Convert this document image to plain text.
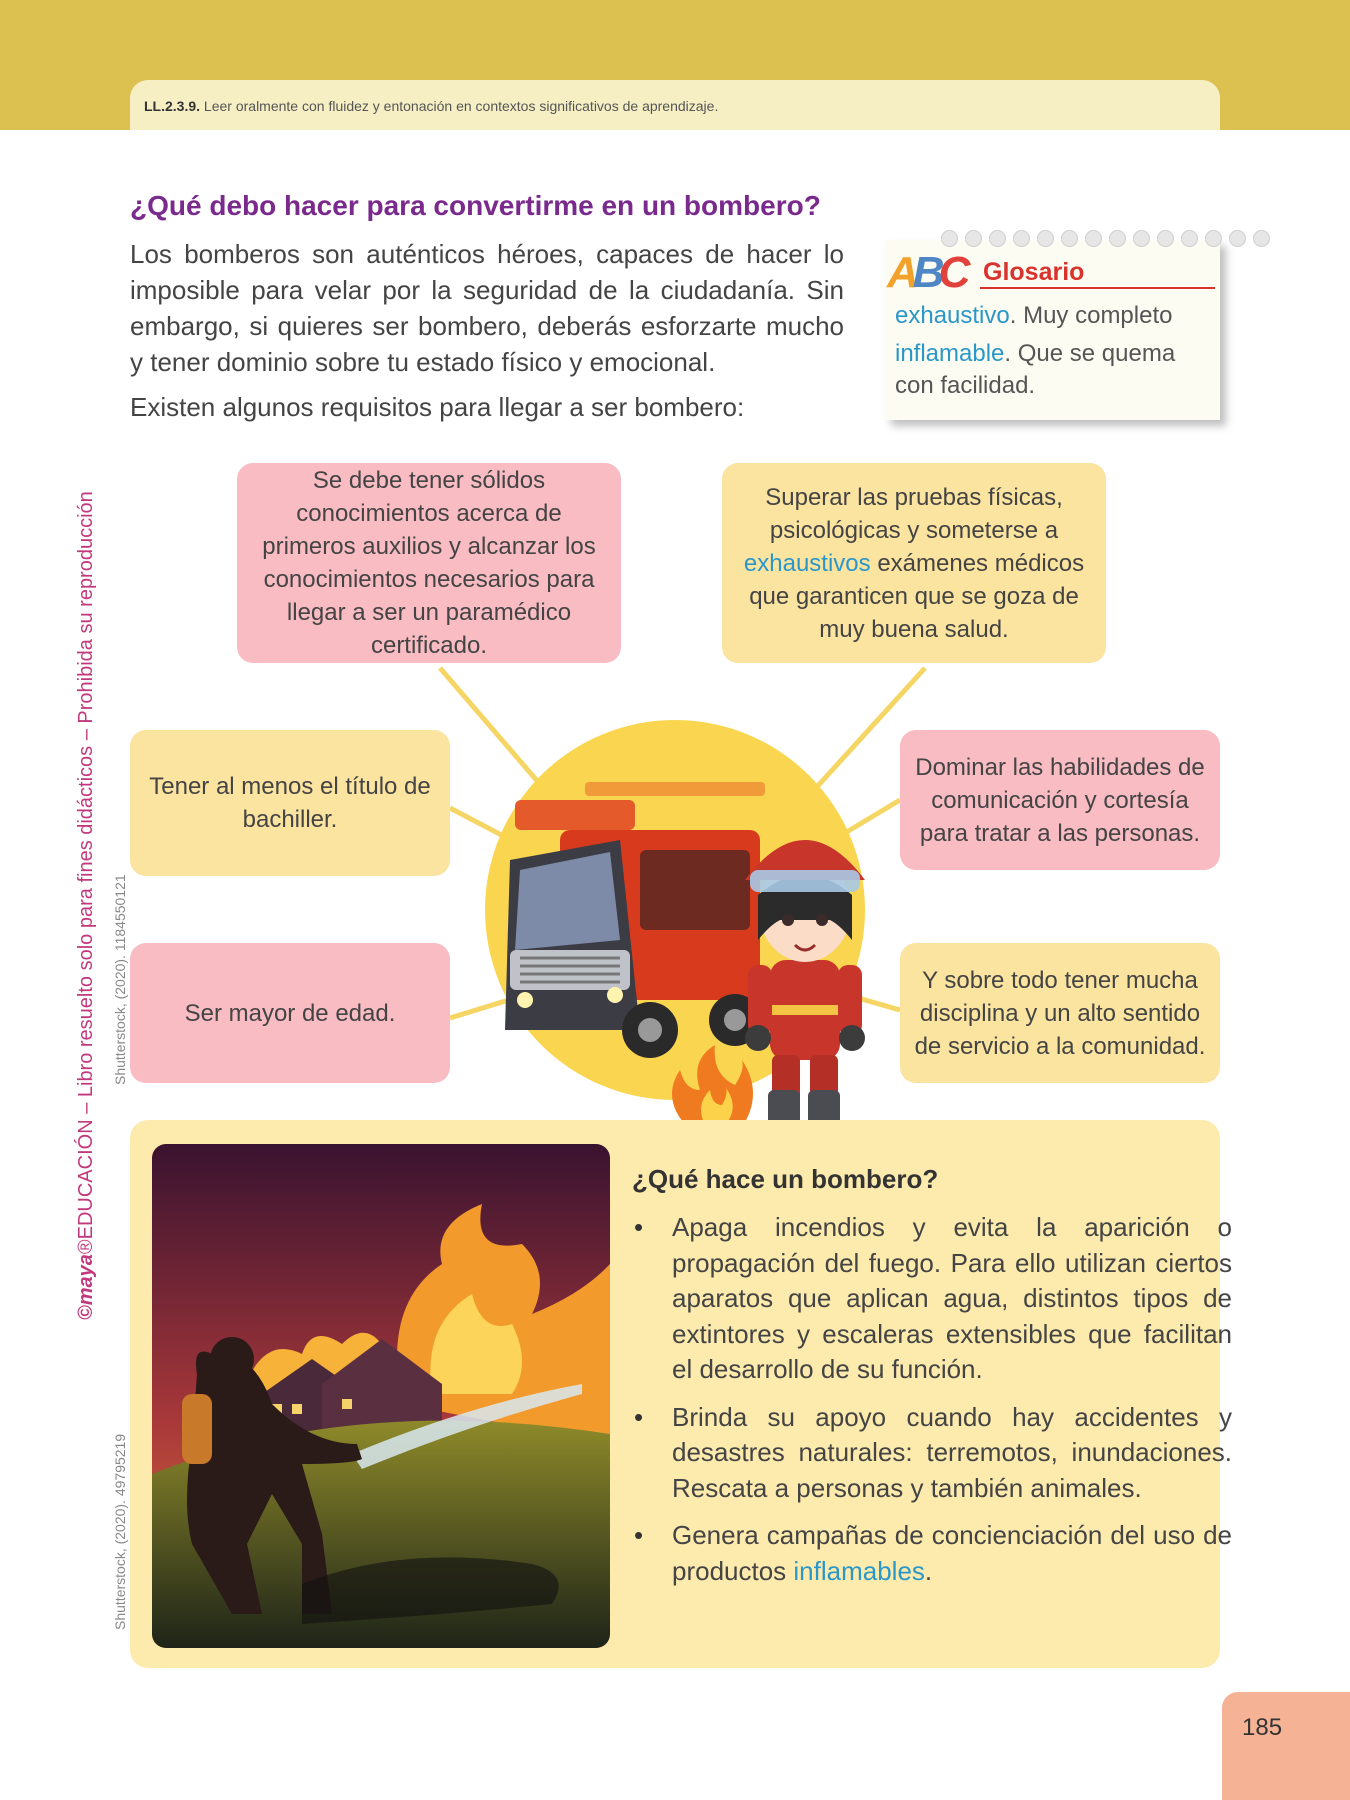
LL.2.3.9. Leer oralmente con fluidez y entonación en contextos significativos de aprendizaje.
©maya®EDUCACIÓN – Libro resuelto solo para fines didácticos – Prohibida su reproducción Shutterstock, (2020). 1184550121
Shutterstock, (2020). 49795219
¿Qué debo hacer para convertirme en un bombero?

Los bomberos son auténticos héroes, capaces de hacer lo imposible para velar por la seguridad de la ciudadanía. Sin embargo, si quieres ser bombero, deberás esforzarte mucho y tener dominio sobre tu estado físico y emocional.

Existen algunos requisitos para llegar a ser bombero:

ABC Glosario
exhaustivo. Muy completo
inflamable. Que se quema con facilidad.
Se debe tener sólidos conocimientos acerca de primeros auxilios y alcanzar los conocimientos necesarios para llegar a ser un paramédico certificado.
Superar las pruebas físicas, psicológicas y someterse a exhaustivos exámenes médicos que garanticen que se goza de muy buena salud.
Tener al menos el título de bachiller.
Dominar las habilidades de comunicación y cortesía para tratar a las personas.
Ser mayor de edad.
Y sobre todo tener mucha disciplina y un alto sentido de servicio a la comunidad.
¿Qué hace un bombero?
• Apaga incendios y evita la aparición o propagación del fuego. Para ello utilizan ciertos aparatos que aplican agua, distintos tipos de extintores y escaleras extensibles que facilitan el desarrollo de su función.
• Brinda su apoyo cuando hay accidentes y desastres naturales: terremotos, inundaciones. Rescata a personas y también animales.
• Genera campañas de concienciación del uso de productos inflamables.
185
